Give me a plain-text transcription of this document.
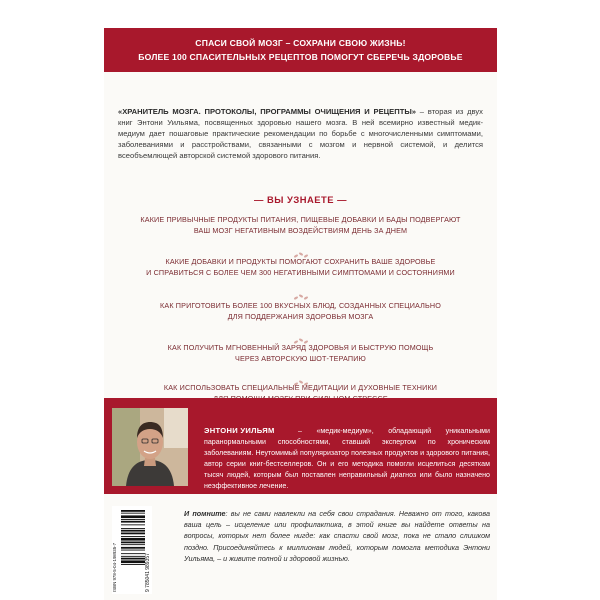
СПАСИ СВОЙ МОЗГ – СОХРАНИ СВОЮ ЖИЗНЬ!
БОЛЕЕ 100 СПАСИТЕЛЬНЫХ РЕЦЕПТОВ ПОМОГУТ СБЕРЕЧЬ ЗДОРОВЬЕ
«ХРАНИТЕЛЬ МОЗГА. ПРОТОКОЛЫ, ПРОГРАММЫ ОЧИЩЕНИЯ И РЕЦЕПТЫ» – вторая из двух книг Энтони Уильяма, посвященных здоровью нашего мозга. В ней всемирно известный медик-медиум дает пошаговые практические рекомендации по борьбе с многочисленными симптомами, заболеваниями и расстройствами, связанными с мозгом и нервной системой, и делится всеобъемлющей авторской системой здорового питания.
— ВЫ УЗНАЕТЕ —
КАКИЕ ПРИВЫЧНЫЕ ПРОДУКТЫ ПИТАНИЯ, ПИЩЕВЫЕ ДОБАВКИ И БАДЫ ПОДВЕРГАЮТ
ВАШ МОЗГ НЕГАТИВНЫМ ВОЗДЕЙСТВИЯМ ДЕНЬ ЗА ДНЕМ
КАКИЕ ДОБАВКИ И ПРОДУКТЫ ПОМОГАЮТ СОХРАНИТЬ ВАШЕ ЗДОРОВЬЕ
И СПРАВИТЬСЯ С БОЛЕЕ ЧЕМ 300 НЕГАТИВНЫМИ СИМПТОМАМИ И СОСТОЯНИЯМИ
КАК ПРИГОТОВИТЬ БОЛЕЕ 100 ВКУСНЫХ БЛЮД, СОЗДАННЫХ СПЕЦИАЛЬНО
ДЛЯ ПОДДЕРЖАНИЯ ЗДОРОВЬЯ МОЗГА
КАК ПОЛУЧИТЬ МГНОВЕННЫЙ ЗАРЯД ЗДОРОВЬЯ И БЫСТРУЮ ПОМОЩЬ
ЧЕРЕЗ АВТОРСКУЮ ШОТ-ТЕРАПИЮ
КАК ИСПОЛЬЗОВАТЬ СПЕЦИАЛЬНЫЕ МЕДИТАЦИИ И ДУХОВНЫЕ ТЕХНИКИ
ЭНТОНИ УИЛЬЯМ	– «медик-медиум», обладающий уникальными паранормальными способностями, ставший экспертом по хроническим заболеваниям. Неутомимый популяризатор полезных продуктов и здорового питания, автор серии книг-бестселлеров. Он и его методика помогли исцелиться десяткам тысяч людей, которым был поставлен неправильный диагноз или было назначено неэффективное лечение.
ISBN 978-5-04-198935-7	9 785041 989357
И помните: вы не сами навлекли на себя свои страдания. Неважно от того, какова ваша цель – исцеление или профилактика, в этой книге вы найдете ответы на вопросы, которых нет более нигде: как спасти свой мозг, пока не стало слишком поздно. Присоединяйтесь к миллионам людей, которым помогла методика Энтони Уильяма, – и живите полной и здоровой жизнью.
